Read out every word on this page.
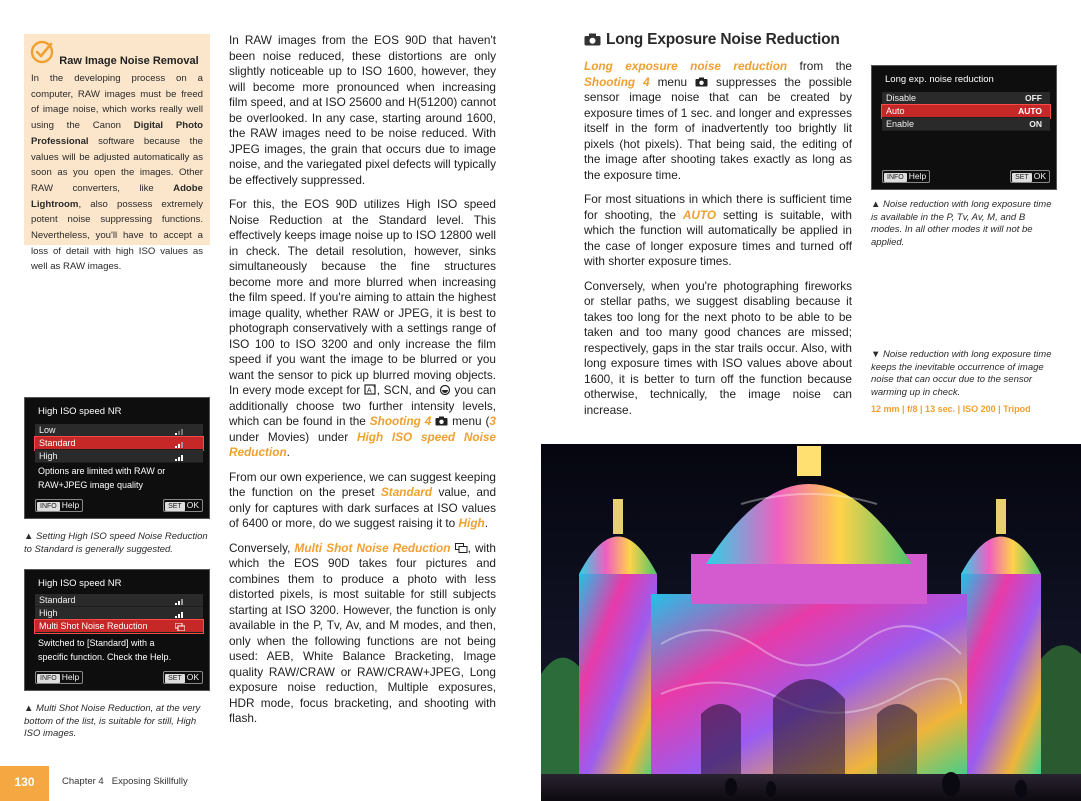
Raw Image Noise Removal
In the developing process on a computer, RAW images must be freed of image noise, which works really well using the Canon Digital Photo Professional software because the values will be adjusted automatically as soon as you open the images. Other RAW converters, like Adobe Lightroom, also possess extremely potent noise suppressing functions. Nevertheless, you'll have to accept a loss of detail with high ISO values as well as RAW images.
High ISO speed NR
Low
Standard
High
Options are limited with RAW or
RAW+JPEG image quality
INFO Help	SET OK
▲ Setting High ISO speed Noise Reduction to Standard is generally suggested.
High ISO speed NR
Standard
High
Multi Shot Noise Reduction
Switched to [Standard] with a
specific function. Check the Help.
INFO Help	SET OK
▲ Multi Shot Noise Reduction, at the very bottom of the list, is suitable for still, High ISO images.

In RAW images from the EOS 90D that haven't been noise reduced, these distortions are only slightly noticeable up to ISO 1600, however, they will become more pronounced when increasing film speed, and at ISO 25600 and H(51200) cannot be overlooked. In any case, starting around 1600, the RAW images need to be noise reduced. With JPEG images, the grain that occurs due to image noise, and the variegated pixel defects will typically be effectively suppressed.

For this, the EOS 90D utilizes High ISO speed Noise Reduction at the Standard level. This effectively keeps image noise up to ISO 12800 well in check. The detail resolution, however, sinks simultaneously because the fine structures become more and more blurred when increasing the film speed. If you're aiming to attain the highest image quality, whether RAW or JPEG, it is best to photograph conservatively with a settings range of ISO 100 to ISO 3200 and only increase the film speed if you want the image to be blurred or you want the sensor to pick up blurred moving objects. In every mode except for A
+ , SCN, and  you can additionally choose two further intensity levels, which can be found in the Shooting 4  menu (3 under Movies) under High ISO speed Noise Reduction.

From our own experience, we can suggest keeping the function on the preset Standard value, and only for captures with dark surfaces at ISO values of 6400 or more, do we suggest raising it to High.

Conversely, Multi Shot Noise Reduction , with which the EOS 90D takes four pictures and combines them to produce a photo with less distorted pixels, is most suitable for still subjects starting at ISO 3200. However, the function is only available in the P, Tv, Av, and M modes, and then, only when the following functions are not being used: AEB, White Balance Bracketing, Image quality RAW/CRAW or RAW/CRAW+JPEG, Long exposure noise reduction, Multiple exposures, HDR mode, focus bracketing, and shooting with flash.

Long Exposure Noise Reduction

Long exposure noise reduction from the Shooting 4 menu  suppresses the possible sensor image noise that can be created by exposure times of 1 sec. and longer and expresses itself in the form of inadvertently too brightly lit pixels (hot pixels). That being said, the editing of the image after shooting takes exactly as long as the exposure time.

For most situations in which there is sufficient time for shooting, the AUTO setting is suitable, with which the function will automatically be applied in the case of longer exposure times and turned off with shorter exposure times.

Conversely, when you're photographing fireworks or stellar paths, we suggest disabling because it takes too long for the next photo to be able to be taken and too many good chances are missed; respectively, gaps in the star trails occur. Also, with long exposure times with ISO values above about 1600, it is better to turn off the function because otherwise, technically, the image noise can increase.

Long exp. noise reduction
Disable	OFF
Auto	AUTO
Enable	ON
INFO Help	SET OK
▲ Noise reduction with long exposure time is available in the P, Tv, Av, M, and B modes. In all other modes it will not be applied.
▼ Noise reduction with long exposure time keeps the inevitable occurrence of image noise that can occur due to the sensor warming up in check.
12 mm | f/8 | 13 sec. | ISO 200 | Tripod
130	Chapter 4 Exposing Skillfully
